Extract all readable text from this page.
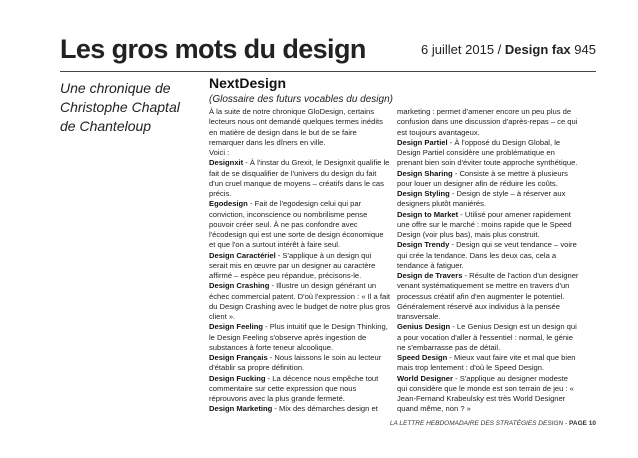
Les gros mots du design	6 juillet 2015 / Design fax 945
Une chronique de
Christophe Chaptal
de Chanteloup
NextDesign
(Glossaire des futurs vocables du design)

À la suite de notre chronique GloDesign, certains lecteurs nous ont demandé quelques termes inédits en matière de design dans le but de se faire remarquer dans les dîners en ville.

Voici :

Designxit - À l'instar du Grexit, le Designxit qualifie le fait de se disqualifier de l'univers du design du fait d'un cruel manque de moyens – créatifs dans le cas précis.

Egodesign - Fait de l'egodesign celui qui par conviction, inconscience ou nombrilisme pense pouvoir créer seul. À ne pas confondre avec l'écodesign qui est une sorte de design économique et que l'on a surtout intérêt à faire seul.

Design Caractériel - S'applique à un design qui serait mis en œuvre par un designer au caractère affirmé – espèce peu répandue, précisons-le.

Design Crashing - Illustre un design générant un échec commercial patent. D'où l'expression : « Il a fait du Design Crashing avec le budget de notre plus gros client ».

Design Feeling - Plus intuitif que le Design Thinking, le Design Feeling s'observe après ingestion de substances à forte teneur alcoolique.

Design Français - Nous laissons le soin au lecteur d'établir sa propre définition.

Design Fucking - La décence nous empêche tout commentaire sur cette expression que nous réprouvons avec la plus grande fermeté.

Design Marketing - Mix des démarches design et

marketing : permet d'amener encore un peu plus de confusion dans une discussion d'après-repas – ce qui est toujours avantageux.

Design Partiel - À l'opposé du Design Global, le Design Partiel considère une problématique en prenant bien soin d'éviter toute approche synthétique.

Design Sharing - Consiste à se mettre à plusieurs pour louer un designer afin de réduire les coûts.

Design Styling - Design de style – à réserver aux designers plutôt maniérés.

Design to Market - Utilisé pour amener rapidement une offre sur le marché : moins rapide que le Speed Design (voir plus bas), mais plus construit.

Design Trendy - Design qui se veut tendance – voire qui crée la tendance. Dans les deux cas, cela a tendance à fatiguer.

Design de Travers - Résulte de l'action d'un designer venant systématiquement se mettre en travers d'un processus créatif afin d'en augmenter le potentiel. Généralement réservé aux individus à la pensée transversale.

Genius Design - Le Genius Design est un design qui a pour vocation d'aller à l'essentiel : normal, le génie ne s'embarrasse pas de détail.

Speed Design - Mieux vaut faire vite et mal que bien mais trop lentement : d'où le Speed Design.

World Designer - S'applique au designer modeste qui considère que le monde est son terrain de jeu : « Jean-Fernand Krabeulsky est très World Designer quand même, non ? »

LA LETTRE HEBDOMADAIRE DES STRATÉGIES DESIGN - PAGE 10
